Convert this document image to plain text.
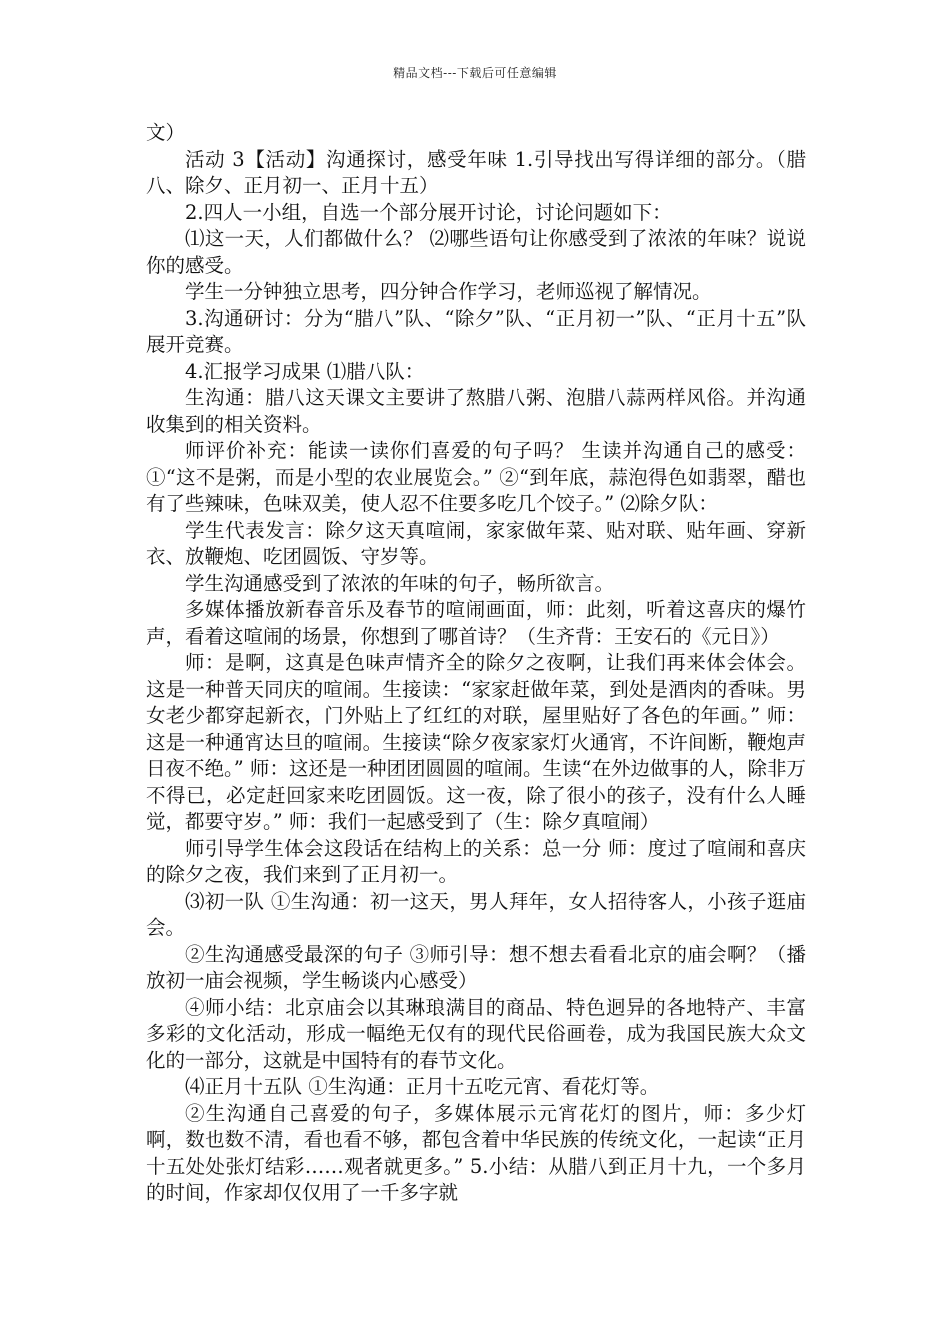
精品文档---下载后可任意编辑

文）

活动 3【活动】沟通探讨，感受年味 1.引导找出写得详细的部分。（腊八、除夕、正月初一、正月十五）

2.四人一小组，自选一个部分展开讨论，讨论问题如下：

⑴这一天，人们都做什么？ ⑵哪些语句让你感受到了浓浓的年味？说说你的感受。

学生一分钟独立思考，四分钟合作学习，老师巡视了解情况。

3.沟通研讨：分为“腊八”队、“除夕”队、“正月初一”队、“正月十五”队展开竞赛。

4.汇报学习成果 ⑴腊八队：

生沟通：腊八这天课文主要讲了熬腊八粥、泡腊八蒜两样风俗。并沟通收集到的相关资料。

师评价补充：能读一读你们喜爱的句子吗？ 生读并沟通自己的感受：①“这不是粥，而是小型的农业展览会。” ②“到年底，蒜泡得色如翡翠，醋也有了些辣味，色味双美，使人忍不住要多吃几个饺子。” ⑵除夕队：

学生代表发言：除夕这天真喧闹，家家做年菜、贴对联、贴年画、穿新衣、放鞭炮、吃团圆饭、守岁等。

学生沟通感受到了浓浓的年味的句子，畅所欲言。

多媒体播放新春音乐及春节的喧闹画面，师：此刻，听着这喜庆的爆竹声，看着这喧闹的场景，你想到了哪首诗？（生齐背：王安石的《元日》）

师：是啊，这真是色味声情齐全的除夕之夜啊，让我们再来体会体会。这是一种普天同庆的喧闹。生接读：“家家赶做年菜，到处是酒肉的香味。男女老少都穿起新衣，门外贴上了红红的对联，屋里贴好了各色的年画。” 师：这是一种通宵达旦的喧闹。生接读“除夕夜家家灯火通宵，不许间断，鞭炮声日夜不绝。” 师：这还是一种团团圆圆的喧闹。生读“在外边做事的人，除非万不得已，必定赶回家来吃团圆饭。这一夜，除了很小的孩子，没有什么人睡觉，都要守岁。” 师：我们一起感受到了（生：除夕真喧闹）

师引导学生体会这段话在结构上的关系：总一分 师：度过了喧闹和喜庆的除夕之夜，我们来到了正月初一。

⑶初一队 ①生沟通：初一这天，男人拜年，女人招待客人，小孩子逛庙会。

②生沟通感受最深的句子 ③师引导：想不想去看看北京的庙会啊？（播放初一庙会视频，学生畅谈内心感受）

④师小结：北京庙会以其琳琅满目的商品、特色迥异的各地特产、丰富多彩的文化活动，形成一幅绝无仅有的现代民俗画卷，成为我国民族大众文化的一部分，这就是中国特有的春节文化。

⑷正月十五队 ①生沟通：正月十五吃元宵、看花灯等。

②生沟通自己喜爱的句子，多媒体展示元宵花灯的图片，师：多少灯啊，数也数不清，看也看不够，都包含着中华民族的传统文化，一起读“正月十五处处张灯结彩……观者就更多。” 5.小结：从腊八到正月十九，一个多月的时间，作家却仅仅用了一千多字就
